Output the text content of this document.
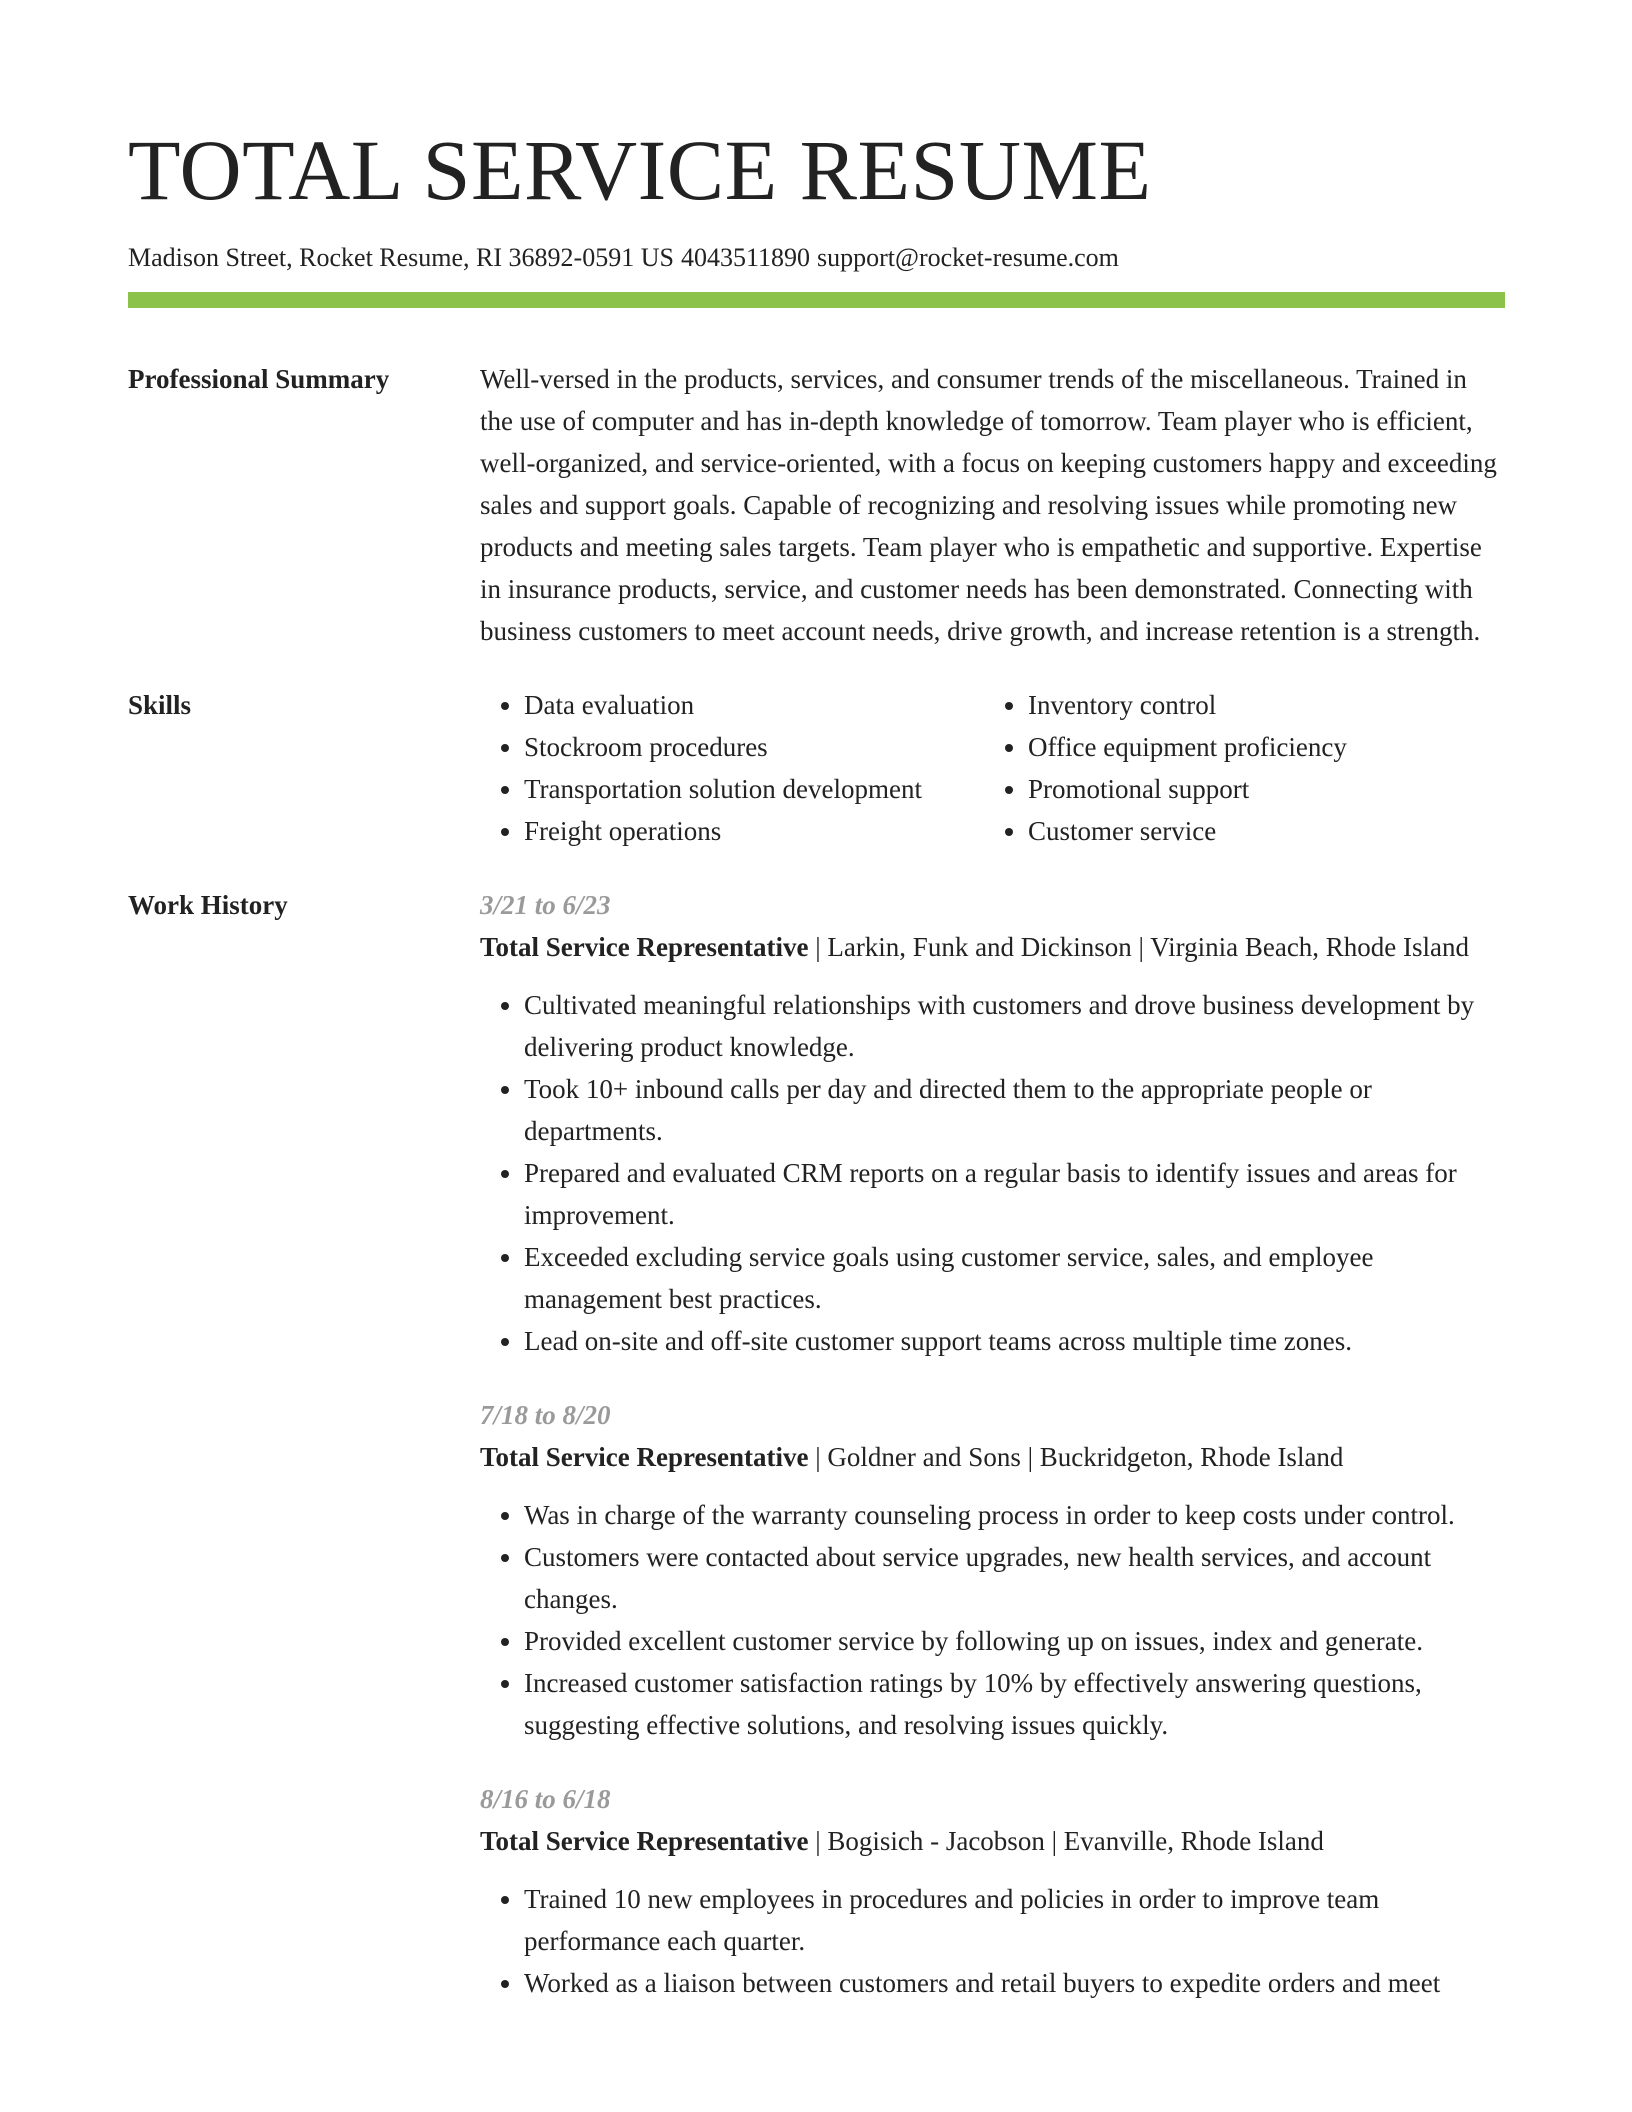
TOTAL SERVICE RESUME
Madison Street, Rocket Resume, RI 36892-0591 US 4043511890 support@rocket-resume.com
Professional Summary	Well-versed in the products, services, and consumer trends of the miscellaneous. Trained in the use of computer and has in-depth knowledge of tomorrow. Team player who is efficient, well-organized, and service-oriented, with a focus on keeping customers happy and exceeding sales and support goals. Capable of recognizing and resolving issues while promoting new products and meeting sales targets. Team player who is empathetic and supportive. Expertise in insurance products, service, and customer needs has been demonstrated. Connecting with business customers to meet account needs, drive growth, and increase retention is a strength.
Skills
•	Data evaluation
• Stockroom procedures
• Transportation solution development
• Freight operations
• Inventory control
• Office equipment proficiency
• Promotional support
• Customer service
Work History	3/21 to 6/23
Total Service Representative | Larkin, Funk and Dickinson | Virginia Beach, Rhode Island
• Cultivated meaningful relationships with customers and drove business development by delivering product knowledge.
• Took 10+ inbound calls per day and directed them to the appropriate people or departments.
• Prepared and evaluated CRM reports on a regular basis to identify issues and areas for improvement.
• Exceeded excluding service goals using customer service, sales, and employee management best practices.
• Lead on-site and off-site customer support teams across multiple time zones.
7/18 to 8/20
Total Service Representative | Goldner and Sons | Buckridgeton, Rhode Island
• Was in charge of the warranty counseling process in order to keep costs under control.
• Customers were contacted about service upgrades, new health services, and account changes.
• Provided excellent customer service by following up on issues, index and generate.
• Increased customer satisfaction ratings by 10% by effectively answering questions, suggesting effective solutions, and resolving issues quickly.
8/16 to 6/18
Total Service Representative | Bogisich - Jacobson | Evanville, Rhode Island
• Trained 10 new employees in procedures and policies in order to improve team performance each quarter.
• Worked as a liaison between customers and retail buyers to expedite orders and meet
